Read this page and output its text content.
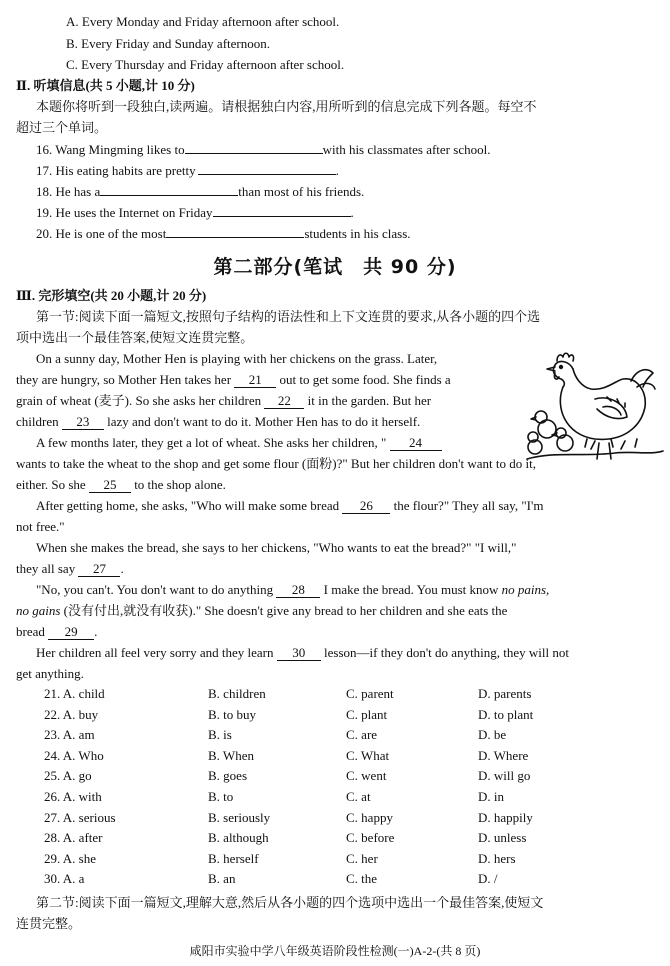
A. Every Monday and Friday afternoon after school.
B. Every Friday and Sunday afternoon.
C. Every Thursday and Friday afternoon after school.
Ⅱ. 听填信息(共 5 小题,计 10 分)
本题你将听到一段独白,读两遍。请根据独白内容,用所听到的信息完成下列各题。每空不
超过三个单词。
16. Wang Mingming likes to	with his classmates after school.
17. His eating habits are pretty	.
18. He has a	than most of his friends.
19. He uses the Internet on Friday	.
20. He is one of the most	students in his class.
第二部分(笔试　共 90 分)
Ⅲ. 完形填空(共 20 小题,计 20 分)
第一节:阅读下面一篇短文,按照句子结构的语法性和上下文连贯的要求,从各小题的四个选
项中选出一个最佳答案,使短文连贯完整。
On a sunny day, Mother Hen is playing with her chickens on the grass. Later,
they are hungry, so Mother Hen takes her 21 out to get some food. She finds a
grain of wheat (麦子). So she asks her children 22 it in the garden. But her
children 23 lazy and don't want to do it. Mother Hen has to do it herself.
A few months later, they get a lot of wheat. She asks her children, " 24
wants to take the wheat to the shop and get some flour (面粉)?" But her children don't want to do it,
either. So she 25 to the shop alone.
After getting home, she asks, "Who will make some bread 26 the flour?" They all say, "I'm
not free."
When she makes the bread, she says to her chickens, "Who wants to eat the bread?" "I will,"
they all say 27 .
"No, you can't. You don't want to do anything 28 I make the bread. You must know no pains,
no gains (没有付出,就没有收获)." She doesn't give any bread to her children and she eats the
bread 29 .
Her children all feel very sorry and they learn 30 lesson—if they don't do anything, they will not
get anything.
21. A. child	B. children	C. parent	D. parents
22. A. buy	B. to buy	C. plant	D. to plant
23. A. am	B. is	C. are	D. be
24. A. Who	B. When	C. What	D. Where
25. A. go	B. goes	C. went	D. will go
26. A. with	B. to	C. at	D. in
27. A. serious	B. seriously	C. happy	D. happily
28. A. after	B. although	C. before	D. unless
29. A. she	B. herself	C. her	D. hers
30. A. a	B. an	C. the	D. /
第二节:阅读下面一篇短文,理解大意,然后从各小题的四个选项中选出一个最佳答案,使短文
连贯完整。
咸阳市实验中学八年级英语阶段性检测(一)A-2-(共 8 页)
